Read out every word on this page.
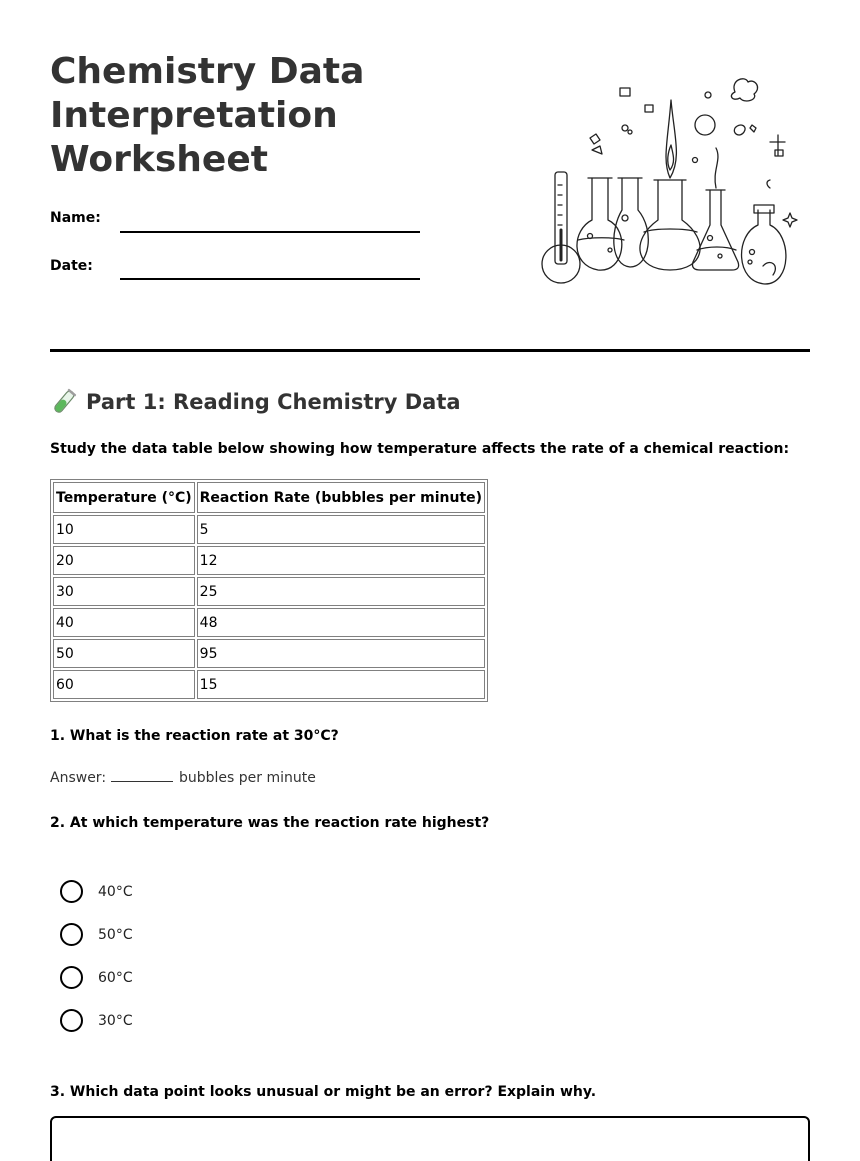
Chemistry Data Interpretation Worksheet
Name:
Date:
Part 1: Reading Chemistry Data
Study the data table below showing how temperature affects the rate of a chemical reaction:
Temperature (°C)	Reaction Rate (bubbles per minute)
10	5
20	12
30	25
40	48
50	95
60	15
1. What is the reaction rate at 30°C?
Answer:	bubbles per minute
2. At which temperature was the reaction rate highest?
40°C
50°C
60°C
30°C
3. Which data point looks unusual or might be an error? Explain why.
